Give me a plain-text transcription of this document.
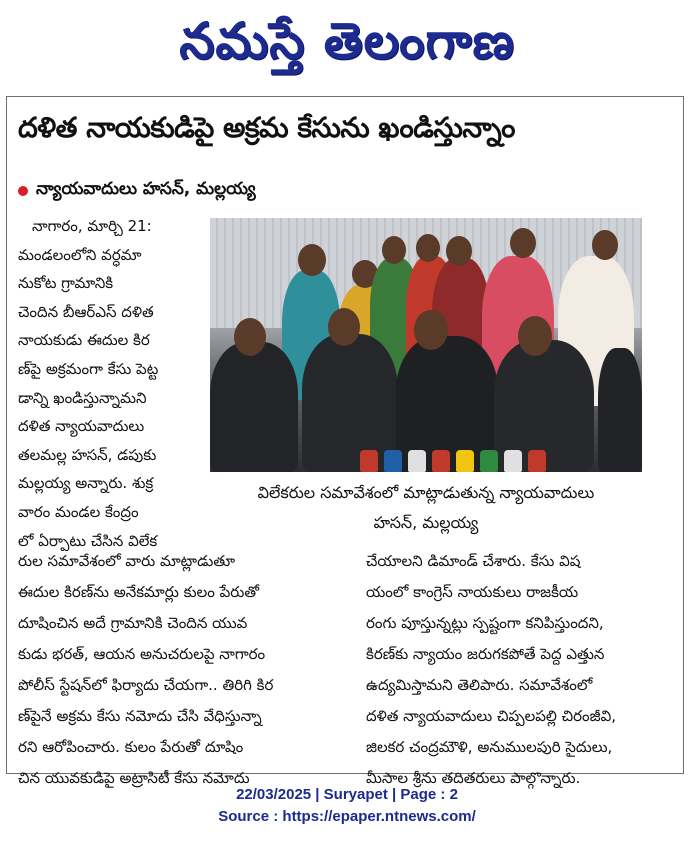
నమస్తే తెలంగాణ
దళిత నాయకుడిపై అక్రమ కేసును ఖండిస్తున్నాం
న్యాయవాదులు హసన్, మల్లయ్య
నాగారం, మార్చి 21:
మండలంలోని వర్ధమా
నుకోట గ్రామానికి
చెందిన బీఆర్ఎస్ దళిత
నాయకుడు ఈదుల కిర
ణ్‌పై అక్రమంగా కేసు పెట్ట
డాన్ని ఖండిస్తున్నామని
దళిత న్యాయవాదులు
తలమల్ల హసన్, డపుకు
మల్లయ్య అన్నారు. శుక్ర
వారం మండల కేంద్రం
లో ఏర్పాటు చేసిన విలేక
విలేకరుల సమావేశంలో మాట్లాడుతున్న న్యాయవాదులు
హసన్, మల్లయ్య
రుల సమావేశంలో వారు మాట్లాడుతూ
ఈదుల కిరణ్‌ను అనేకమార్లు కులం పేరుతో
దూషించిన అదే గ్రామానికి చెందిన యువ
కుడు భరత్, ఆయన అనుచరులపై నాగారం
పోలీస్ స్టేషన్‌లో ఫిర్యాదు చేయగా.. తిరిగి కిర
ణ్‌పైనే అక్రమ కేసు నమోదు చేసి వేధిస్తున్నా
రని ఆరోపించారు. కులం పేరుతో దూషిం
చిన యువకుడిపై అట్రాసిటీ కేసు నమోదు
చేయాలని డిమాండ్ చేశారు. కేసు విష
యంలో కాంగ్రెస్ నాయకులు రాజకీయ
రంగు పూస్తున్నట్లు స్పష్టంగా కనిపిస్తుందని,
కిరణ్‌కు న్యాయం జరుగకపోతే పెద్ద ఎత్తున
ఉద్యమిస్తామని తెలిపారు. సమావేశంలో
దళిత న్యాయవాదులు చిప్పలపల్లి చిరంజీవి,
జిలకర చంద్రమౌళి, అనుములపురి సైదులు,
మీసాల శ్రీను తదితరులు పాల్గొన్నారు.
22/03/2025 | Suryapet | Page : 2
Source : https://epaper.ntnews.com/
